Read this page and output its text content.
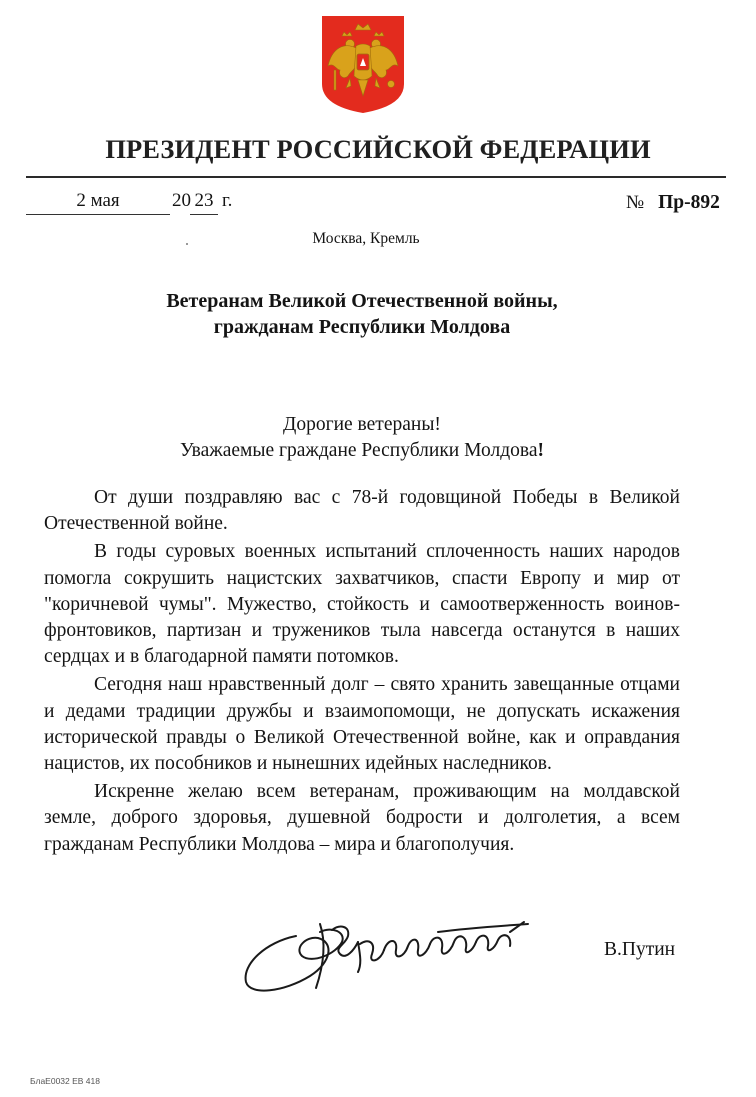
ПРЕЗИДЕНТ РОССИЙСКОЙ ФЕДЕРАЦИИ
2 мая	20 23 г.	№ Пр-892
Москва, Кремль
Ветеранам Великой Отечественной войны,
гражданам Республики Молдова
Дорогие ветераны!
Уважаемые граждане Республики Молдова!

От души поздравляю вас с 78-й годовщиной Победы в Великой Отечественной войне.

В годы суровых военных испытаний сплоченность наших народов помогла сокрушить нацистских захватчиков, спасти Европу и мир от "коричневой чумы". Мужество, стойкость и самоотверженность воинов-фронтовиков, партизан и тружеников тыла навсегда останутся в наших сердцах и в благодарной памяти потомков.

Сегодня наш нравственный долг – свято хранить завещанные отцами и дедами традиции дружбы и взаимопомощи, не допускать искажения исторической правды о Великой Отечественной войне, как и оправдания нацистов, их пособников и нынешних идейных наследников.

Искренне желаю всем ветеранам, проживающим на молдавской земле, доброго здоровья, душевной бодрости и долголетия, а всем гражданам Республики Молдова – мира и благополучия.

В.Путин
БлаЕ0032 ЕВ 418
